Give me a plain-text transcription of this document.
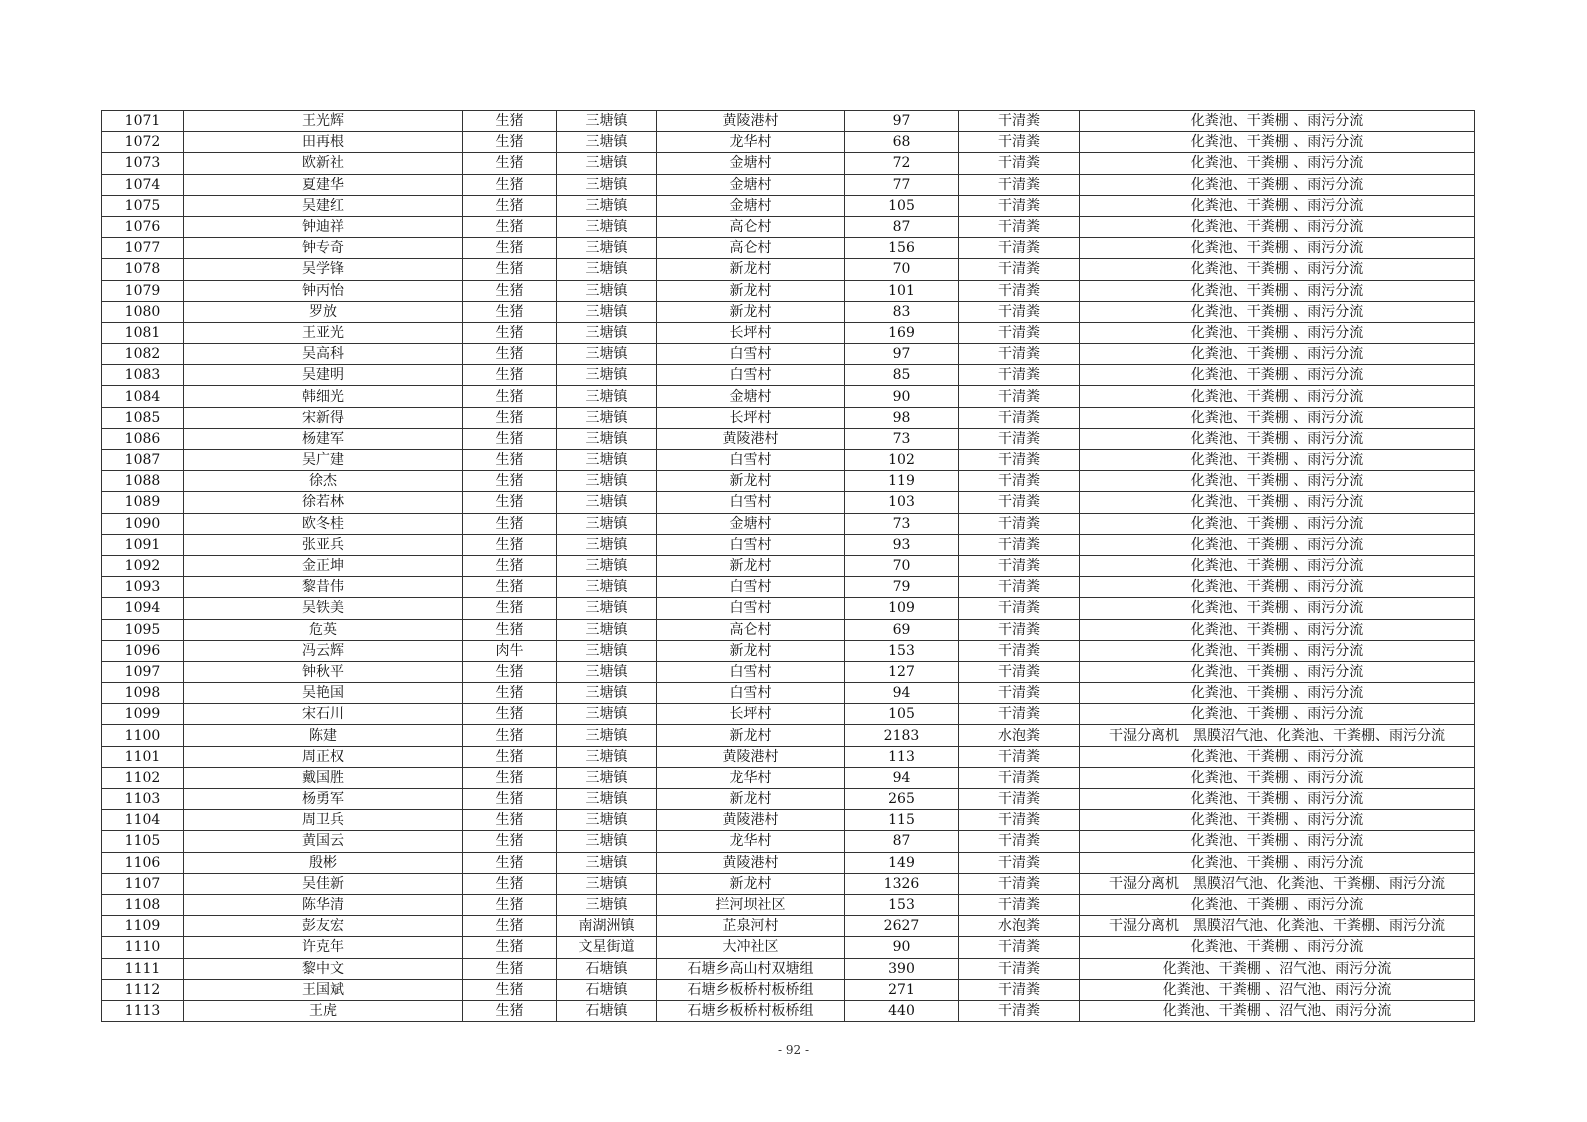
1071	王光辉	生猪	三塘镇	黄陵港村	97	干清粪	化粪池、干粪棚 、雨污分流
1072	田再根	生猪	三塘镇	龙华村	68	干清粪	化粪池、干粪棚 、雨污分流
1073	欧新社	生猪	三塘镇	金塘村	72	干清粪	化粪池、干粪棚 、雨污分流
1074	夏建华	生猪	三塘镇	金塘村	77	干清粪	化粪池、干粪棚 、雨污分流
1075	吴建红	生猪	三塘镇	金塘村	105	干清粪	化粪池、干粪棚 、雨污分流
1076	钟迪祥	生猪	三塘镇	高仑村	87	干清粪	化粪池、干粪棚 、雨污分流
1077	钟专奇	生猪	三塘镇	高仑村	156	干清粪	化粪池、干粪棚 、雨污分流
1078	吴学锋	生猪	三塘镇	新龙村	70	干清粪	化粪池、干粪棚 、雨污分流
1079	钟丙怡	生猪	三塘镇	新龙村	101	干清粪	化粪池、干粪棚 、雨污分流
1080	罗放	生猪	三塘镇	新龙村	83	干清粪	化粪池、干粪棚 、雨污分流
1081	王亚光	生猪	三塘镇	长坪村	169	干清粪	化粪池、干粪棚 、雨污分流
1082	吴高科	生猪	三塘镇	白雪村	97	干清粪	化粪池、干粪棚 、雨污分流
1083	吴建明	生猪	三塘镇	白雪村	85	干清粪	化粪池、干粪棚 、雨污分流
1084	韩细光	生猪	三塘镇	金塘村	90	干清粪	化粪池、干粪棚 、雨污分流
1085	宋新得	生猪	三塘镇	长坪村	98	干清粪	化粪池、干粪棚 、雨污分流
1086	杨建军	生猪	三塘镇	黄陵港村	73	干清粪	化粪池、干粪棚 、雨污分流
1087	吴广建	生猪	三塘镇	白雪村	102	干清粪	化粪池、干粪棚 、雨污分流
1088	徐杰	生猪	三塘镇	新龙村	119	干清粪	化粪池、干粪棚 、雨污分流
1089	徐若林	生猪	三塘镇	白雪村	103	干清粪	化粪池、干粪棚 、雨污分流
1090	欧冬桂	生猪	三塘镇	金塘村	73	干清粪	化粪池、干粪棚 、雨污分流
1091	张亚兵	生猪	三塘镇	白雪村	93	干清粪	化粪池、干粪棚 、雨污分流
1092	金正坤	生猪	三塘镇	新龙村	70	干清粪	化粪池、干粪棚 、雨污分流
1093	黎昔伟	生猪	三塘镇	白雪村	79	干清粪	化粪池、干粪棚 、雨污分流
1094	吴铁美	生猪	三塘镇	白雪村	109	干清粪	化粪池、干粪棚 、雨污分流
1095	危英	生猪	三塘镇	高仑村	69	干清粪	化粪池、干粪棚 、雨污分流
1096	冯云辉	肉牛	三塘镇	新龙村	153	干清粪	化粪池、干粪棚 、雨污分流
1097	钟秋平	生猪	三塘镇	白雪村	127	干清粪	化粪池、干粪棚 、雨污分流
1098	吴艳国	生猪	三塘镇	白雪村	94	干清粪	化粪池、干粪棚 、雨污分流
1099	宋石川	生猪	三塘镇	长坪村	105	干清粪	化粪池、干粪棚 、雨污分流
1100	陈建	生猪	三塘镇	新龙村	2183	水泡粪	干湿分离机　黑膜沼气池、化粪池、干粪棚、雨污分流
1101	周正权	生猪	三塘镇	黄陵港村	113	干清粪	化粪池、干粪棚 、雨污分流
1102	戴国胜	生猪	三塘镇	龙华村	94	干清粪	化粪池、干粪棚 、雨污分流
1103	杨勇军	生猪	三塘镇	新龙村	265	干清粪	化粪池、干粪棚 、雨污分流
1104	周卫兵	生猪	三塘镇	黄陵港村	115	干清粪	化粪池、干粪棚 、雨污分流
1105	黄国云	生猪	三塘镇	龙华村	87	干清粪	化粪池、干粪棚 、雨污分流
1106	殷彬	生猪	三塘镇	黄陵港村	149	干清粪	化粪池、干粪棚 、雨污分流
1107	吴佳新	生猪	三塘镇	新龙村	1326	干清粪	干湿分离机　黑膜沼气池、化粪池、干粪棚、雨污分流
1108	陈华清	生猪	三塘镇	拦河坝社区	153	干清粪	化粪池、干粪棚 、雨污分流
1109	彭友宏	生猪	南湖洲镇	芷泉河村	2627	水泡粪	干湿分离机　黑膜沼气池、化粪池、干粪棚、雨污分流
1110	许克年	生猪	文星街道	大冲社区	90	干清粪	化粪池、干粪棚 、雨污分流
1111	黎中文	生猪	石塘镇	石塘乡高山村双塘组	390	干清粪	化粪池、干粪棚 、沼气池、雨污分流
1112	王国斌	生猪	石塘镇	石塘乡板桥村板桥组	271	干清粪	化粪池、干粪棚 、沼气池、雨污分流
1113	王虎	生猪	石塘镇	石塘乡板桥村板桥组	440	干清粪	化粪池、干粪棚 、沼气池、雨污分流
- 92 -
